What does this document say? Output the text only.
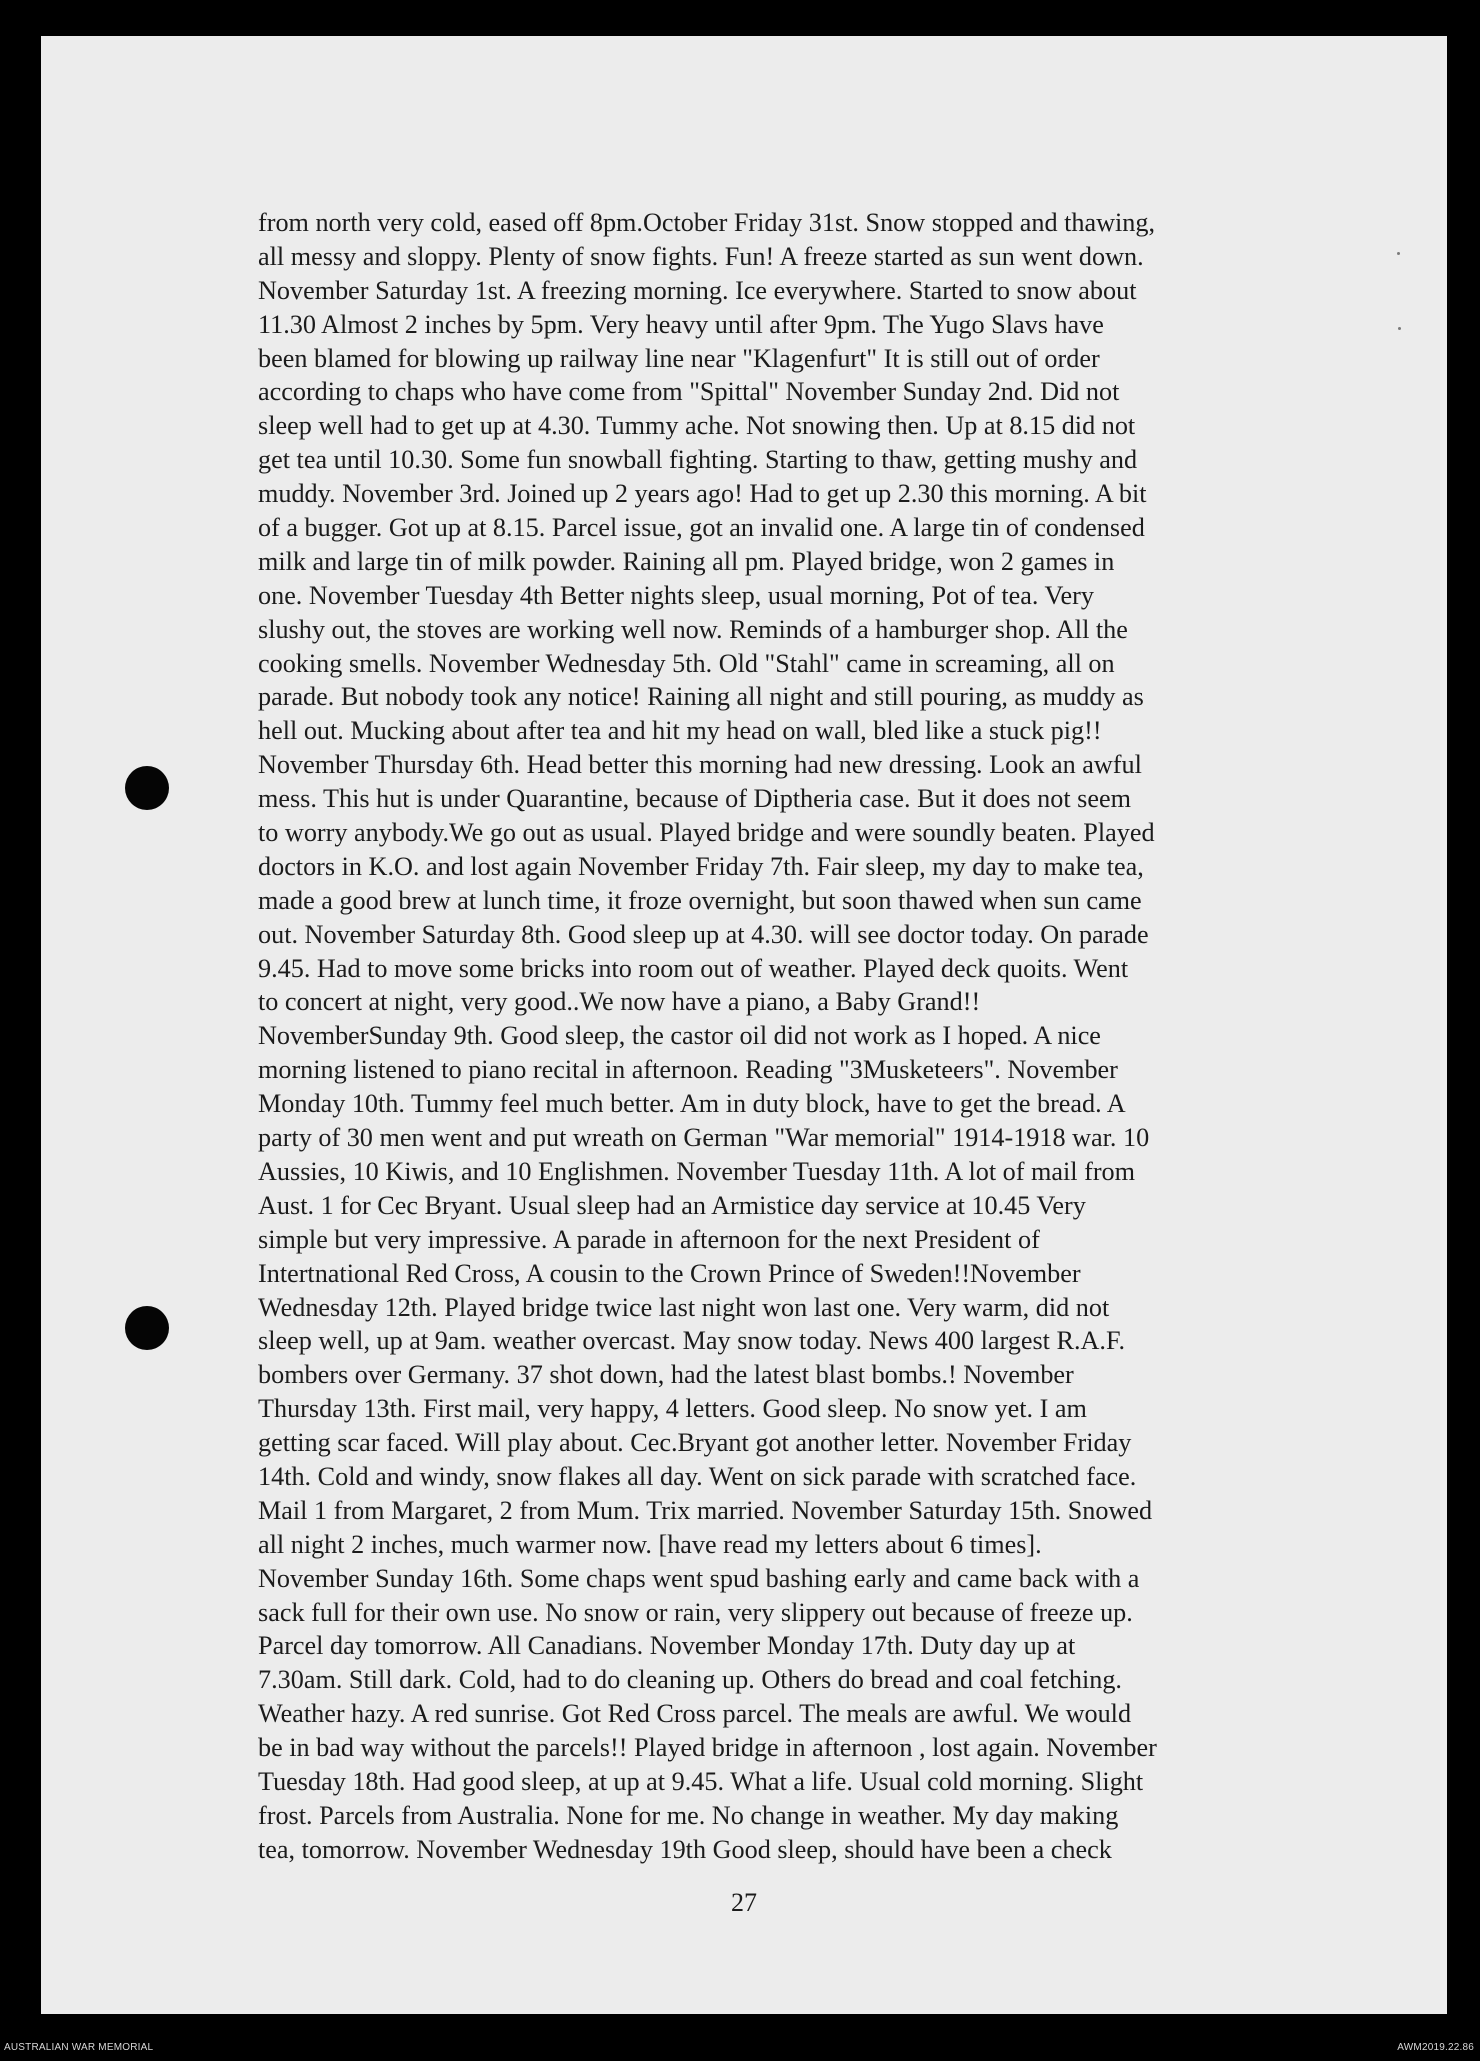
from north very cold, eased off 8pm.October Friday 31st. Snow stopped and thawing,
all messy and sloppy. Plenty of snow fights. Fun! A freeze started as sun went down.
November Saturday 1st. A freezing morning. Ice everywhere. Started to snow about
11.30 Almost 2 inches by 5pm. Very heavy until after 9pm. The Yugo Slavs have
been blamed for blowing up railway line near "Klagenfurt" It is still out of order
according to chaps who have come from "Spittal" November Sunday 2nd. Did not
sleep well had to get up at 4.30. Tummy ache. Not snowing then. Up at 8.15 did not
get tea until 10.30. Some fun snowball fighting. Starting to thaw, getting mushy and
muddy. November 3rd. Joined up 2 years ago! Had to get up 2.30 this morning. A bit
of a bugger. Got up at 8.15. Parcel issue, got an invalid one. A large tin of condensed
milk and large tin of milk powder. Raining all pm. Played bridge, won 2 games in
one. November Tuesday 4th Better nights sleep, usual morning, Pot of tea. Very
slushy out, the stoves are working well now. Reminds of a hamburger shop. All the
cooking smells. November Wednesday 5th. Old "Stahl" came in screaming, all on
parade. But nobody took any notice! Raining all night and still pouring, as muddy as
hell out. Mucking about after tea and hit my head on wall, bled like a stuck pig!!
November Thursday 6th. Head better this morning had new dressing. Look an awful
mess. This hut is under Quarantine, because of Diptheria case. But it does not seem
to worry anybody.We go out as usual. Played bridge and were soundly beaten. Played
doctors in K.O. and lost again November Friday 7th. Fair sleep, my day to make tea,
made a good brew at lunch time, it froze overnight, but soon thawed when sun came
out. November Saturday 8th. Good sleep up at 4.30. will see doctor today. On parade
9.45. Had to move some bricks into room out of weather. Played deck quoits. Went
to concert at night, very good..We now have a piano, a Baby Grand!!
NovemberSunday 9th. Good sleep, the castor oil did not work as I hoped. A nice
morning listened to piano recital in afternoon. Reading "3Musketeers". November
Monday 10th. Tummy feel much better. Am in duty block, have to get the bread. A
party of 30 men went and put wreath on German "War memorial" 1914-1918 war. 10
Aussies, 10 Kiwis, and 10 Englishmen. November Tuesday 11th. A lot of mail from
Aust. 1 for Cec Bryant. Usual sleep had an Armistice day service at 10.45 Very
simple but very impressive. A parade in afternoon for the next President of
Intertnational Red Cross, A cousin to the Crown Prince of Sweden!!November
Wednesday 12th. Played bridge twice last night won last one. Very warm, did not
sleep well, up at 9am. weather overcast. May snow today. News 400 largest R.A.F.
bombers over Germany. 37 shot down, had the latest blast bombs.! November
Thursday 13th. First mail, very happy, 4 letters. Good sleep. No snow yet. I am
getting scar faced. Will play about. Cec.Bryant got another letter. November Friday
14th. Cold and windy, snow flakes all day. Went on sick parade with scratched face.
Mail 1 from Margaret, 2 from Mum. Trix married. November Saturday 15th. Snowed
all night 2 inches, much warmer now. [have read my letters about 6 times].
November Sunday 16th. Some chaps went spud bashing early and came back with a
sack full for their own use. No snow or rain, very slippery out because of freeze up.
Parcel day tomorrow. All Canadians. November Monday 17th. Duty day up at
7.30am. Still dark. Cold, had to do cleaning up. Others do bread and coal fetching.
Weather hazy. A red sunrise. Got Red Cross parcel. The meals are awful. We would
be in bad way without the parcels!! Played bridge in afternoon , lost again. November
Tuesday 18th. Had good sleep, at up at 9.45. What a life. Usual cold morning. Slight
frost. Parcels from Australia. None for me. No change in weather. My day making
tea, tomorrow. November Wednesday 19th Good sleep, should have been a check
27
AUSTRALIAN WAR MEMORIAL	AWM2019.22.86
